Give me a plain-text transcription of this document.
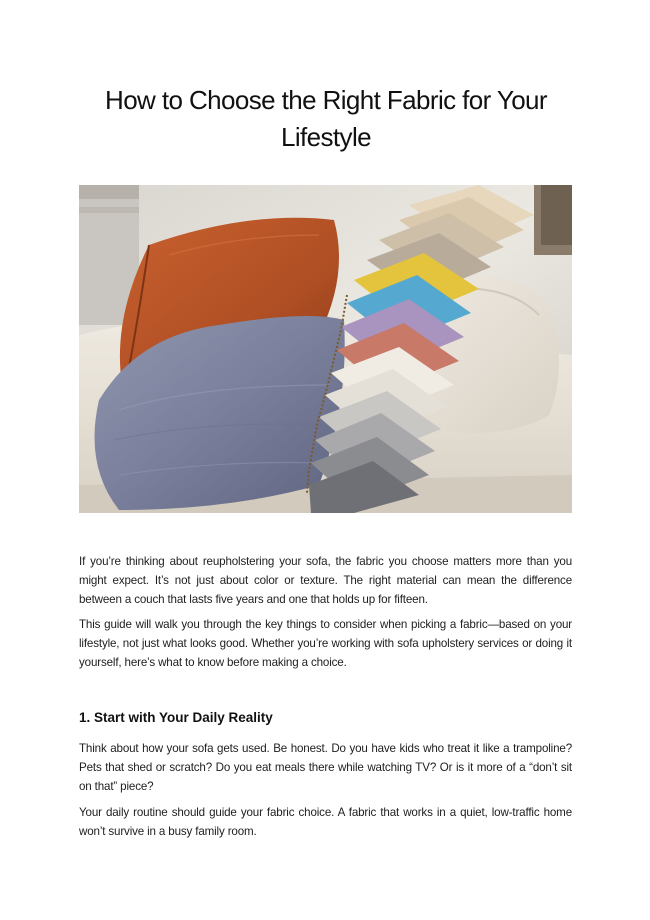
How to Choose the Right Fabric for Your Lifestyle

If you’re thinking about reupholstering your sofa, the fabric you choose matters more than you might expect. It’s not just about color or texture. The right material can mean the difference between a couch that lasts five years and one that holds up for fifteen.

This guide will walk you through the key things to consider when picking a fabric—based on your lifestyle, not just what looks good. Whether you’re working with sofa upholstery services or doing it yourself, here’s what to know before making a choice.

1. Start with Your Daily Reality

Think about how your sofa gets used. Be honest. Do you have kids who treat it like a trampoline? Pets that shed or scratch? Do you eat meals there while watching TV? Or is it more of a “don’t sit on that” piece?

Your daily routine should guide your fabric choice. A fabric that works in a quiet, low-traffic home won’t survive in a busy family room.
